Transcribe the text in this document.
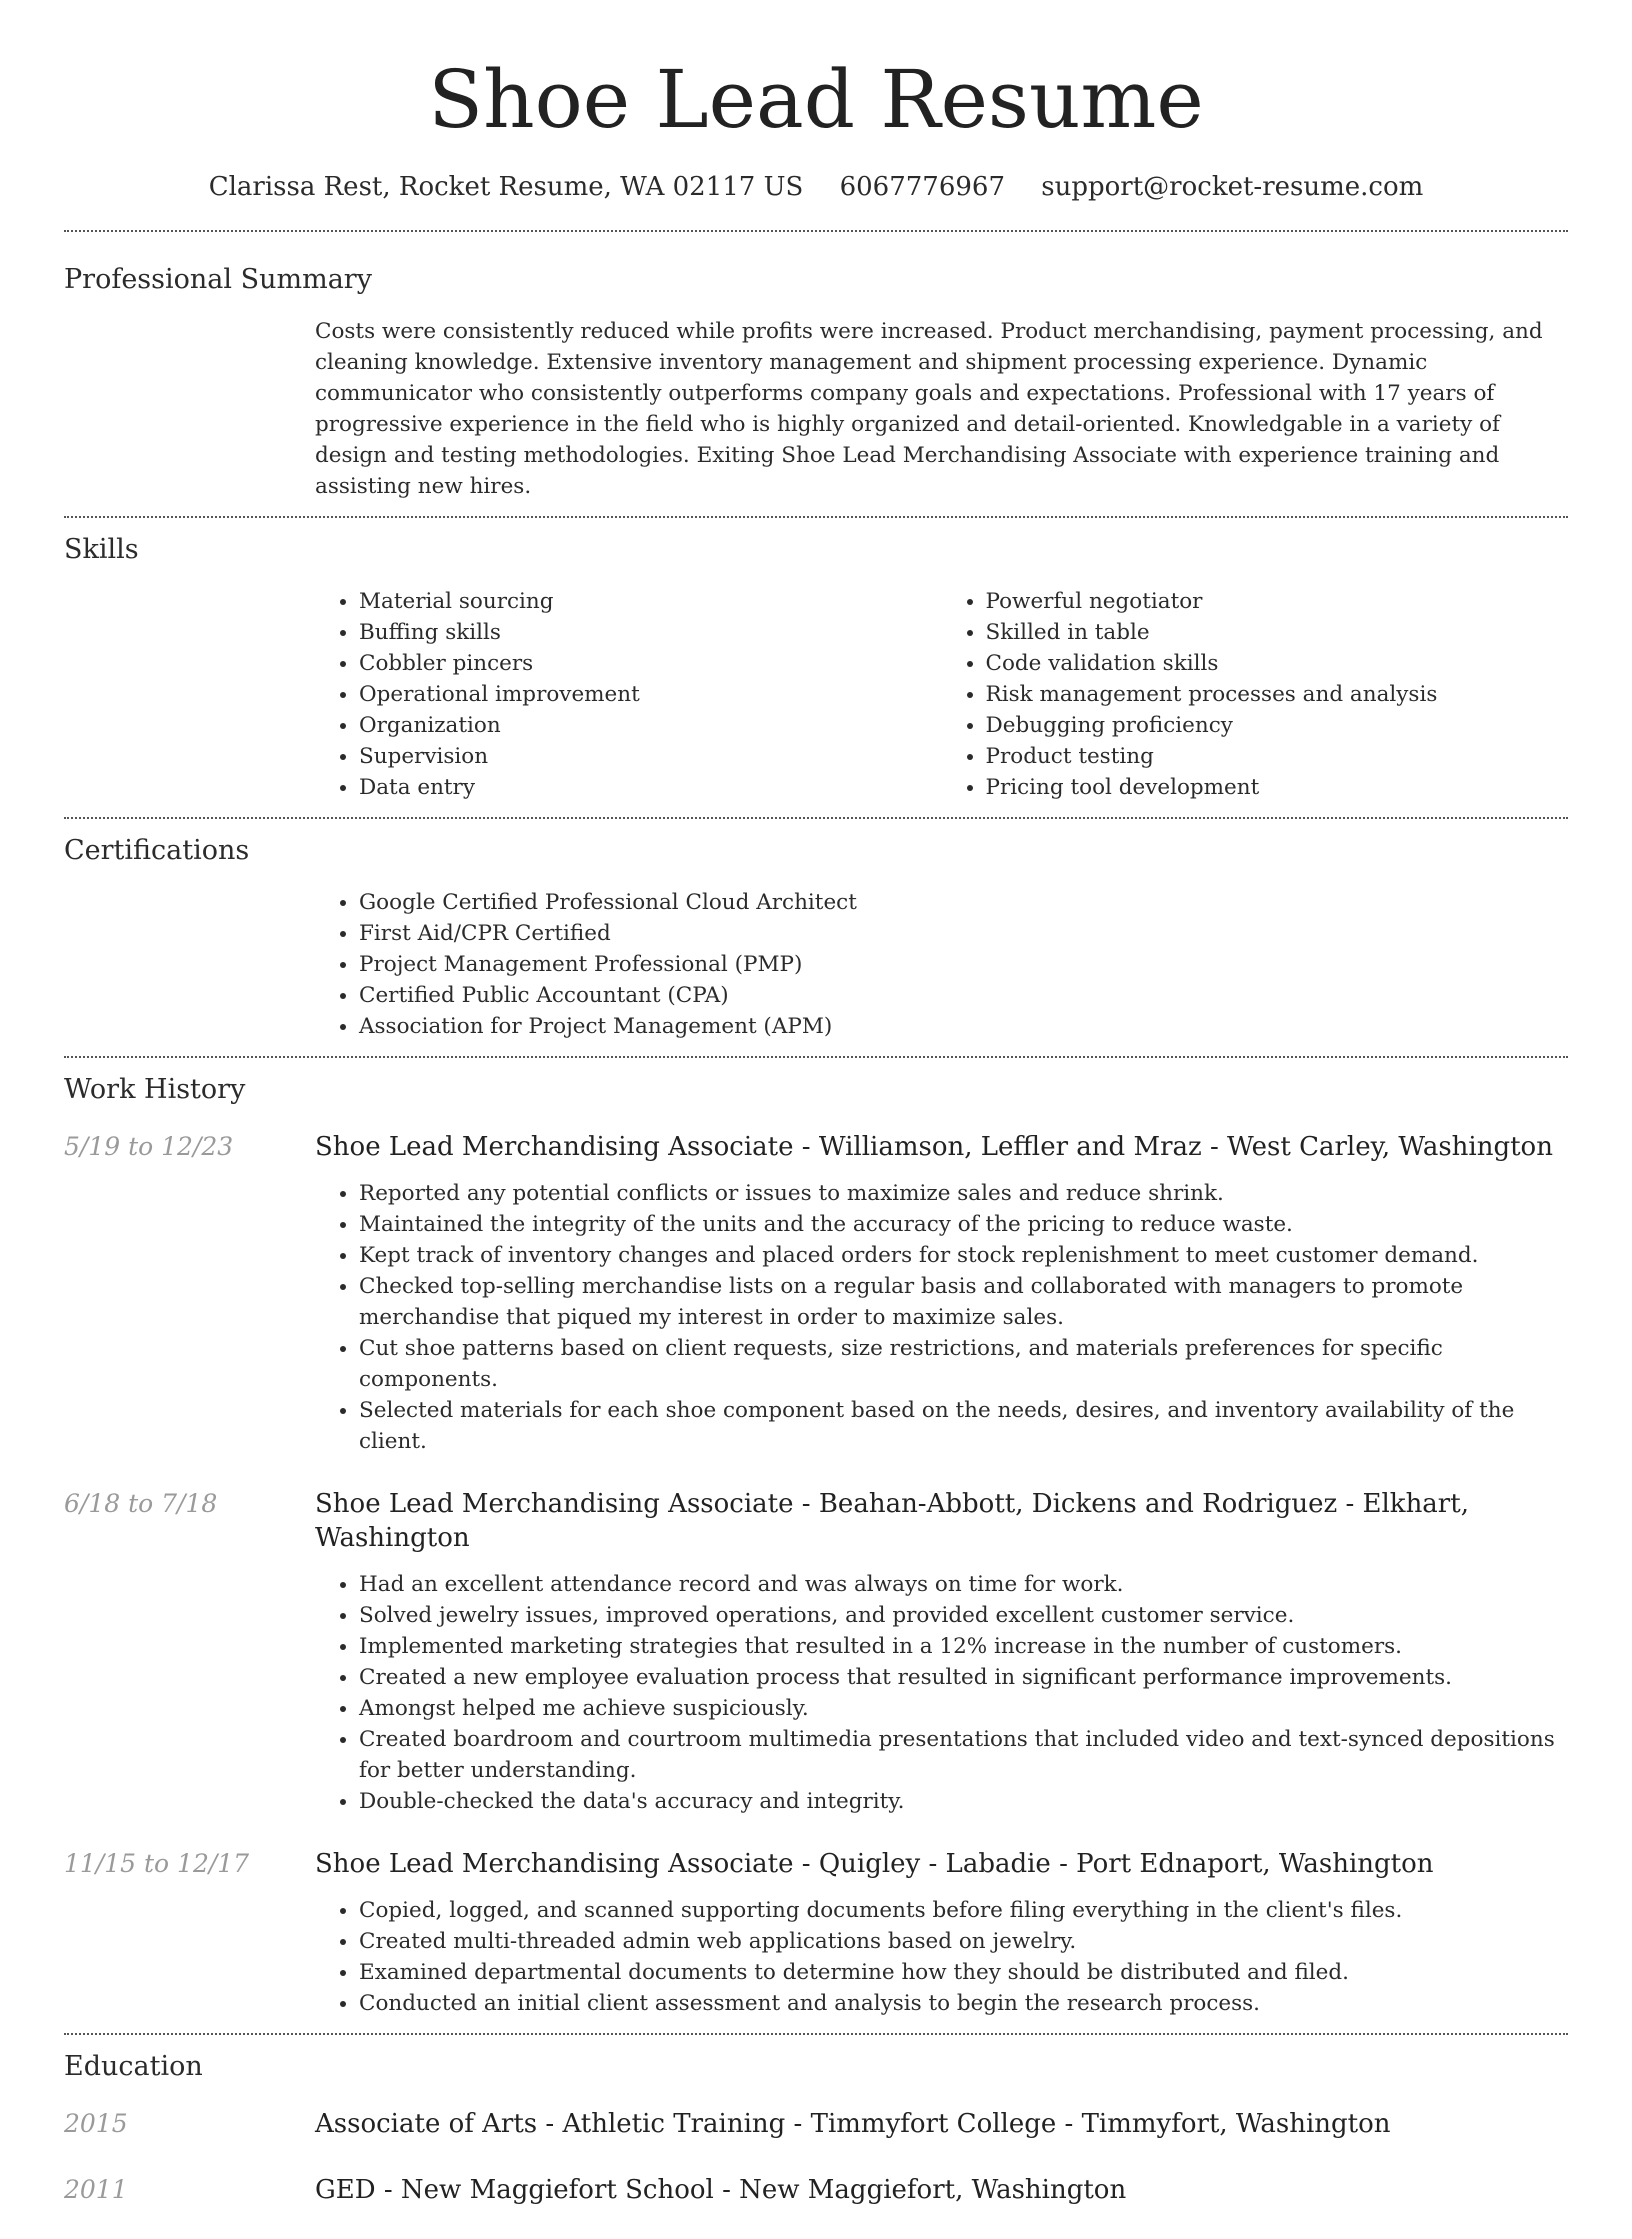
Shoe Lead Resume
Clarissa Rest, Rocket Resume, WA 02117 US 6067776967 support@rocket-resume.com
Professional Summary
Costs were consistently reduced while profits were increased. Product merchandising, payment processing, and cleaning knowledge. Extensive inventory management and shipment processing experience. Dynamic communicator who consistently outperforms company goals and expectations. Professional with 17 years of progressive experience in the field who is highly organized and detail-oriented. Knowledgable in a variety of design and testing methodologies. Exiting Shoe Lead Merchandising Associate with experience training and assisting new hires.
Skills
• Material sourcing
• Buffing skills
• Cobbler pincers
• Operational improvement
• Organization
• Supervision
• Data entry
• Powerful negotiator
• Skilled in table
• Code validation skills
• Risk management processes and analysis
• Debugging proficiency
• Product testing
• Pricing tool development
Certifications
• Google Certified Professional Cloud Architect
• First Aid/CPR Certified
• Project Management Professional (PMP)
• Certified Public Accountant (CPA)
• Association for Project Management (APM)
Work History
5/19 to 12/23	Shoe Lead Merchandising Associate - Williamson, Leffler and Mraz - West Carley, Washington
• Reported any potential conflicts or issues to maximize sales and reduce shrink.
• Maintained the integrity of the units and the accuracy of the pricing to reduce waste.
• Kept track of inventory changes and placed orders for stock replenishment to meet customer demand.
• Checked top-selling merchandise lists on a regular basis and collaborated with managers to promote merchandise that piqued my interest in order to maximize sales.
• Cut shoe patterns based on client requests, size restrictions, and materials preferences for specific components.
• Selected materials for each shoe component based on the needs, desires, and inventory availability of the client.
6/18 to 7/18	Shoe Lead Merchandising Associate - Beahan-Abbott, Dickens and Rodriguez - Elkhart, Washington
• Had an excellent attendance record and was always on time for work.
• Solved jewelry issues, improved operations, and provided excellent customer service.
• Implemented marketing strategies that resulted in a 12% increase in the number of customers.
• Created a new employee evaluation process that resulted in significant performance improvements.
• Amongst helped me achieve suspiciously.
• Created boardroom and courtroom multimedia presentations that included video and text-synced depositions for better understanding.
• Double-checked the data's accuracy and integrity.
11/15 to 12/17	Shoe Lead Merchandising Associate - Quigley - Labadie - Port Ednaport, Washington
• Copied, logged, and scanned supporting documents before filing everything in the client's files.
• Created multi-threaded admin web applications based on jewelry.
• Examined departmental documents to determine how they should be distributed and filed.
• Conducted an initial client assessment and analysis to begin the research process.
Education
2015	Associate of Arts - Athletic Training - Timmyfort College - Timmyfort, Washington
2011	GED - New Maggiefort School - New Maggiefort, Washington
